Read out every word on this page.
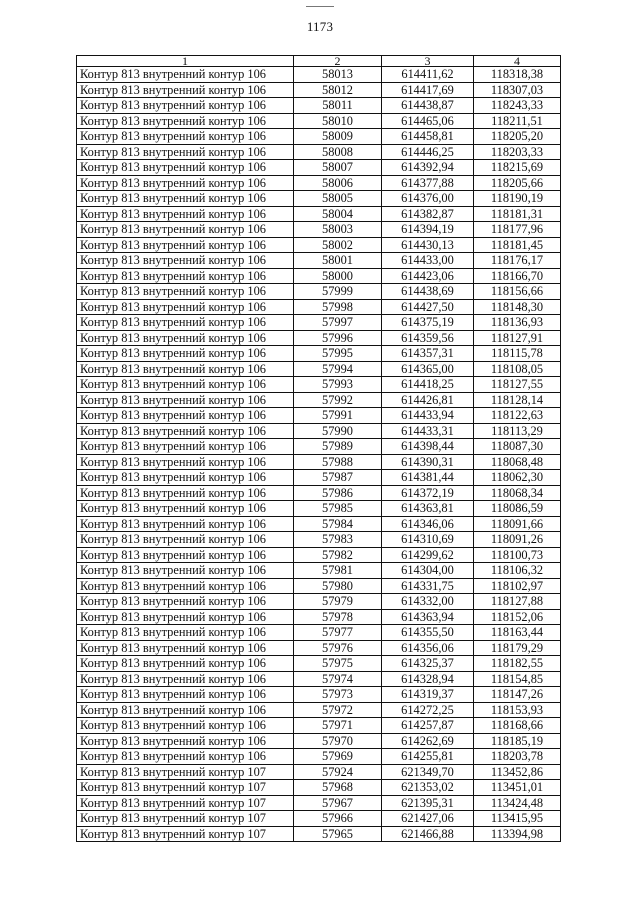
1173
1	2	3	4
Контур 813 внутренний контур 106	58013	614411,62	118318,38
Контур 813 внутренний контур 106	58012	614417,69	118307,03
Контур 813 внутренний контур 106	58011	614438,87	118243,33
Контур 813 внутренний контур 106	58010	614465,06	118211,51
Контур 813 внутренний контур 106	58009	614458,81	118205,20
Контур 813 внутренний контур 106	58008	614446,25	118203,33
Контур 813 внутренний контур 106	58007	614392,94	118215,69
Контур 813 внутренний контур 106	58006	614377,88	118205,66
Контур 813 внутренний контур 106	58005	614376,00	118190,19
Контур 813 внутренний контур 106	58004	614382,87	118181,31
Контур 813 внутренний контур 106	58003	614394,19	118177,96
Контур 813 внутренний контур 106	58002	614430,13	118181,45
Контур 813 внутренний контур 106	58001	614433,00	118176,17
Контур 813 внутренний контур 106	58000	614423,06	118166,70
Контур 813 внутренний контур 106	57999	614438,69	118156,66
Контур 813 внутренний контур 106	57998	614427,50	118148,30
Контур 813 внутренний контур 106	57997	614375,19	118136,93
Контур 813 внутренний контур 106	57996	614359,56	118127,91
Контур 813 внутренний контур 106	57995	614357,31	118115,78
Контур 813 внутренний контур 106	57994	614365,00	118108,05
Контур 813 внутренний контур 106	57993	614418,25	118127,55
Контур 813 внутренний контур 106	57992	614426,81	118128,14
Контур 813 внутренний контур 106	57991	614433,94	118122,63
Контур 813 внутренний контур 106	57990	614433,31	118113,29
Контур 813 внутренний контур 106	57989	614398,44	118087,30
Контур 813 внутренний контур 106	57988	614390,31	118068,48
Контур 813 внутренний контур 106	57987	614381,44	118062,30
Контур 813 внутренний контур 106	57986	614372,19	118068,34
Контур 813 внутренний контур 106	57985	614363,81	118086,59
Контур 813 внутренний контур 106	57984	614346,06	118091,66
Контур 813 внутренний контур 106	57983	614310,69	118091,26
Контур 813 внутренний контур 106	57982	614299,62	118100,73
Контур 813 внутренний контур 106	57981	614304,00	118106,32
Контур 813 внутренний контур 106	57980	614331,75	118102,97
Контур 813 внутренний контур 106	57979	614332,00	118127,88
Контур 813 внутренний контур 106	57978	614363,94	118152,06
Контур 813 внутренний контур 106	57977	614355,50	118163,44
Контур 813 внутренний контур 106	57976	614356,06	118179,29
Контур 813 внутренний контур 106	57975	614325,37	118182,55
Контур 813 внутренний контур 106	57974	614328,94	118154,85
Контур 813 внутренний контур 106	57973	614319,37	118147,26
Контур 813 внутренний контур 106	57972	614272,25	118153,93
Контур 813 внутренний контур 106	57971	614257,87	118168,66
Контур 813 внутренний контур 106	57970	614262,69	118185,19
Контур 813 внутренний контур 106	57969	614255,81	118203,78
Контур 813 внутренний контур 107	57924	621349,70	113452,86
Контур 813 внутренний контур 107	57968	621353,02	113451,01
Контур 813 внутренний контур 107	57967	621395,31	113424,48
Контур 813 внутренний контур 107	57966	621427,06	113415,95
Контур 813 внутренний контур 107	57965	621466,88	113394,98
